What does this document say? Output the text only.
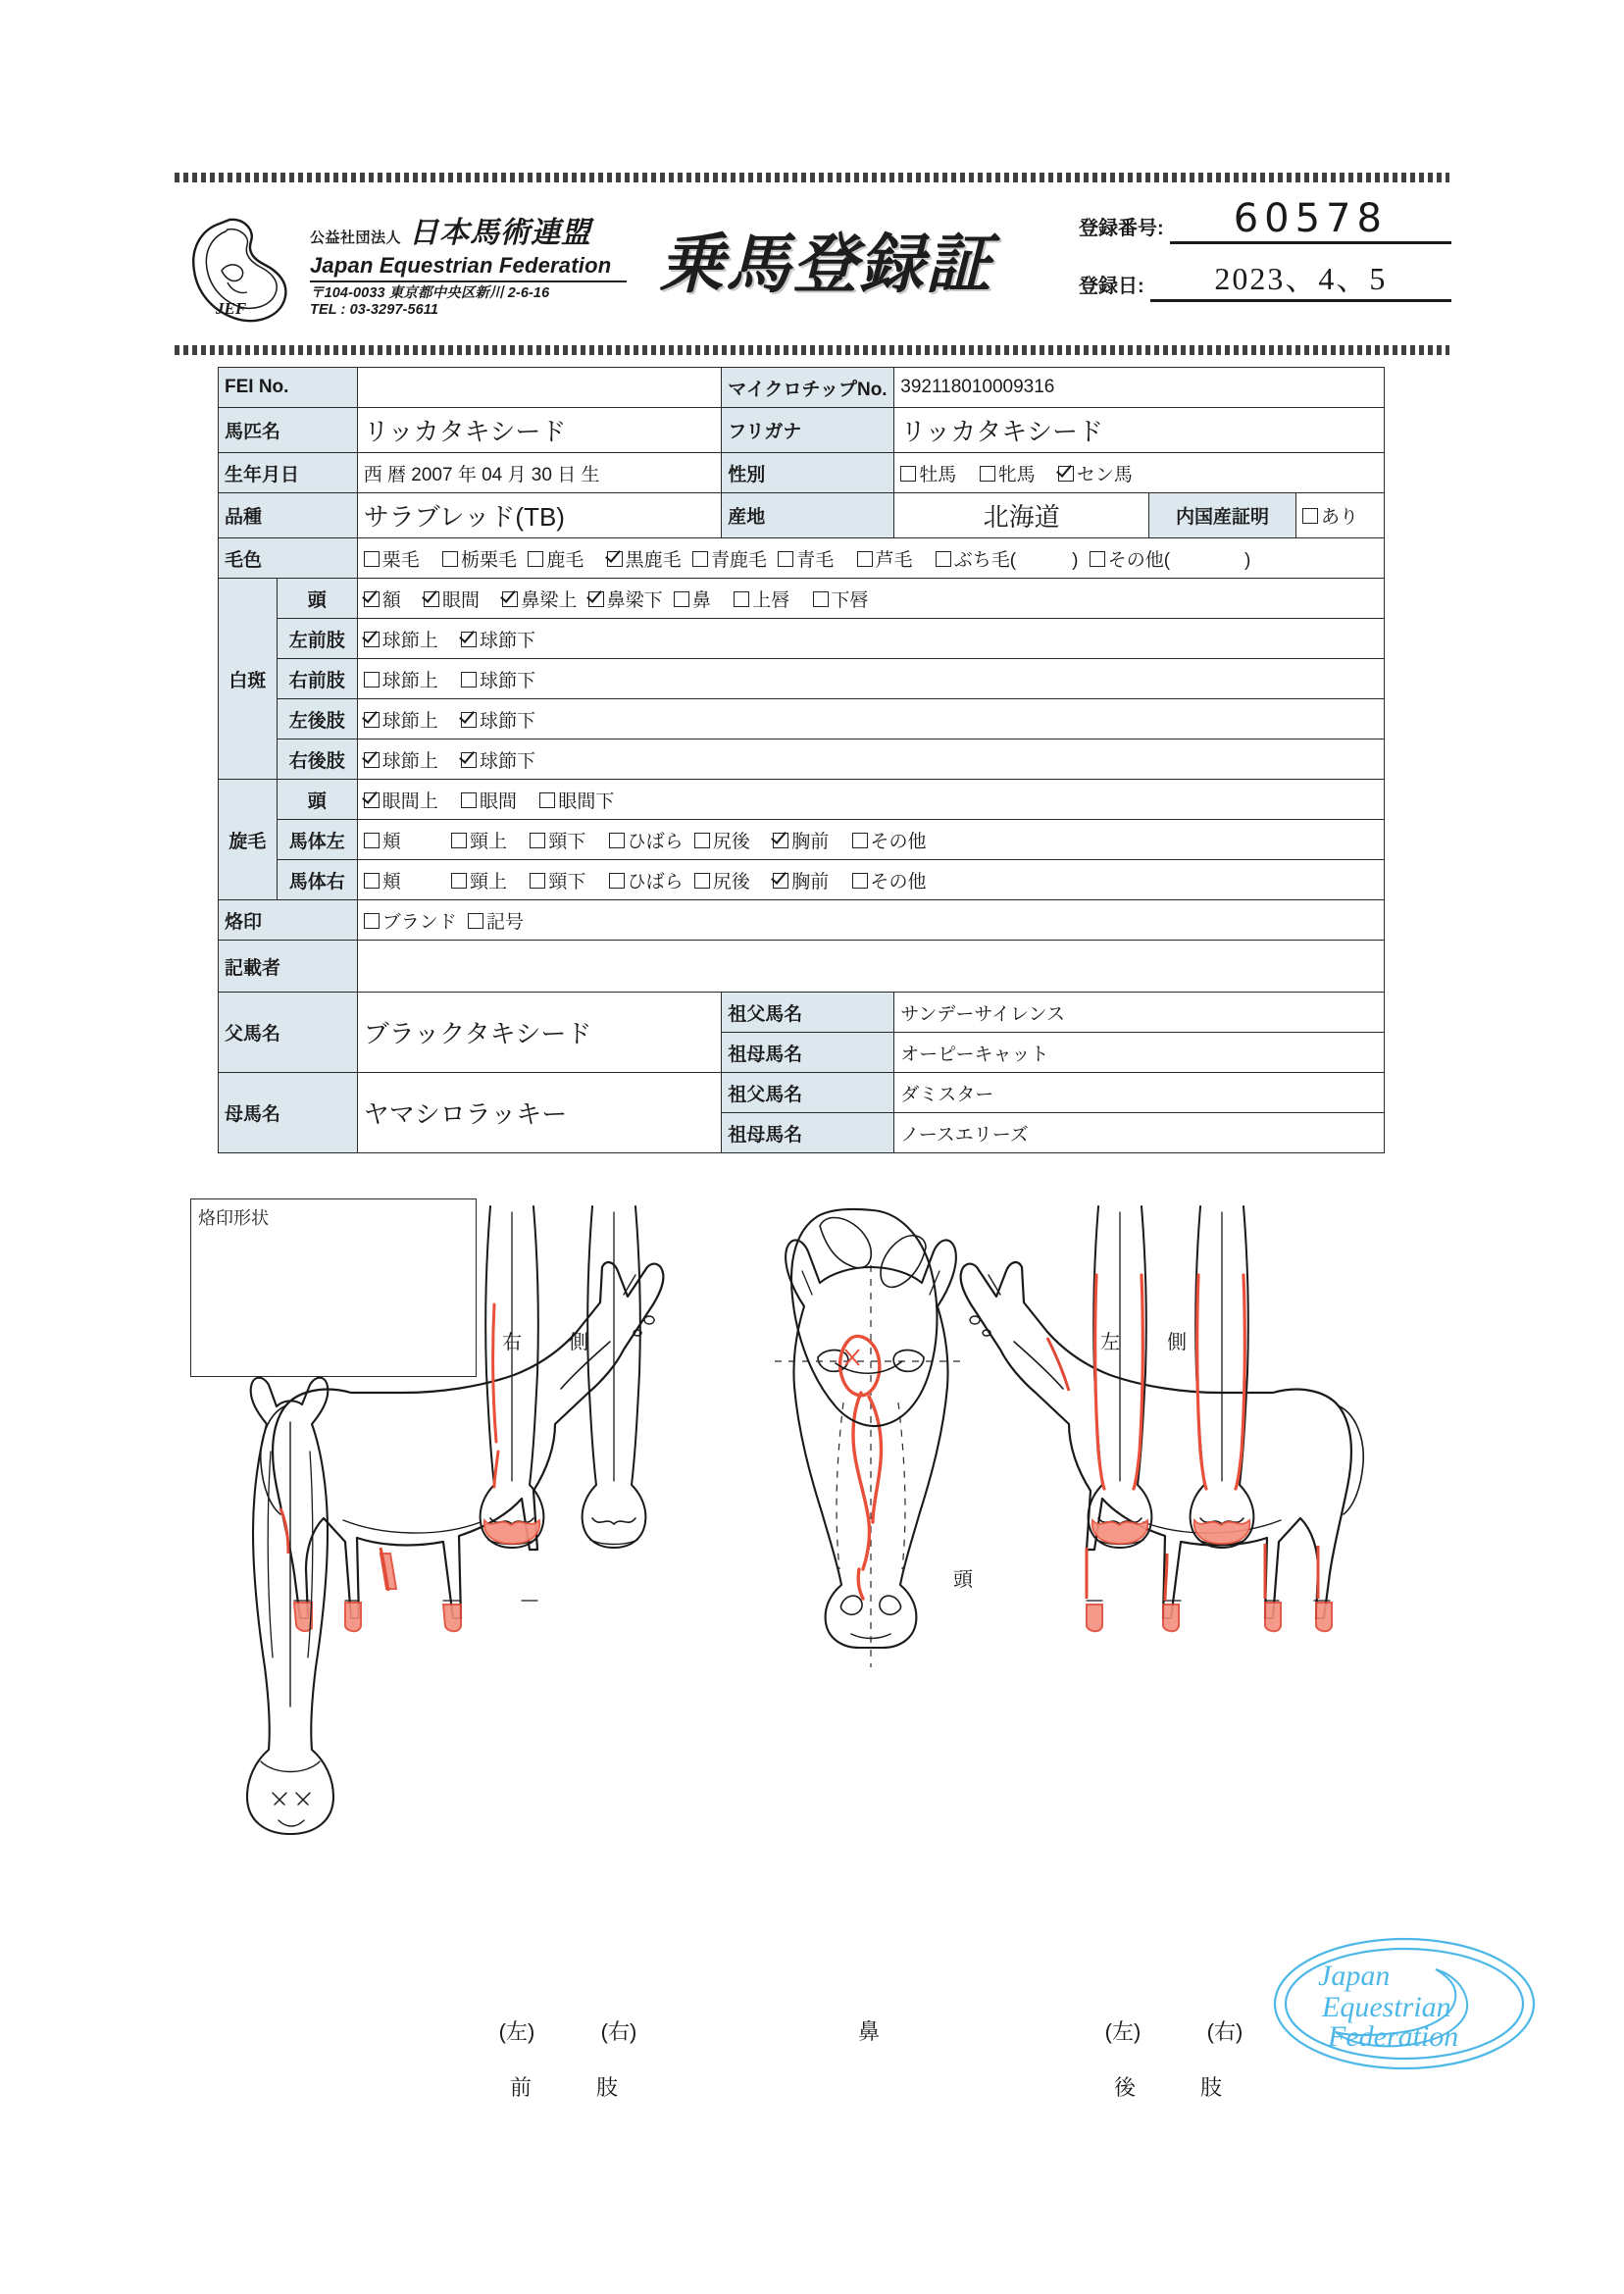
JEF
公益社団法人 日本馬術連盟
Japan Equestrian Federation
〒104-0033 東京都中央区新川 2-6-16
TEL : 03-3297-5611
乗馬登録証	登録番号:	60578
登録日:	2023、4、5
FEI No.			マイクロチップNo.	392118010009316		
馬匹名		リッカタキシード	フリガナ	リッカタキシード		
生年月日		西 暦 2007 年 04 月 30 日 生	性別	牡馬 牝馬 セン馬		
品種		サラブレッド(TB)	産地	北海道	内国産証明	あり
毛色		栗毛 栃栗毛 鹿毛 黒鹿毛 青鹿毛 青毛 芦毛 ぶち毛(　　　) その他(　　　　)				
白斑	頭	額 眼間 鼻梁上 鼻梁下 鼻 上唇 下唇				
	左前肢	球節上 球節下				
	右前肢	球節上 球節下				
	左後肢	球節上 球節下				
	右後肢	球節上 球節下				
旋毛	頭	眼間上 眼間 眼間下				
	馬体左	頬 頸上 頸下 ひばら 尻後 胸前 その他				
	馬体右	頬 頸上 頸下 ひばら 尻後 胸前 その他				
烙印		ブランド 記号				
記載者						
父馬名		ブラックタキシード	祖父馬名	サンデーサイレンス		
			祖母馬名	オーピーキャット		
母馬名		ヤマシロラッキー	祖父馬名	ダミスター		
			祖母馬名	ノースエリーズ		
烙印形状
右　側	左　側
頭
(左)	(右)
前　肢
鼻	(左)	(右)
後　肢
Japan
Equestrian
Federation
